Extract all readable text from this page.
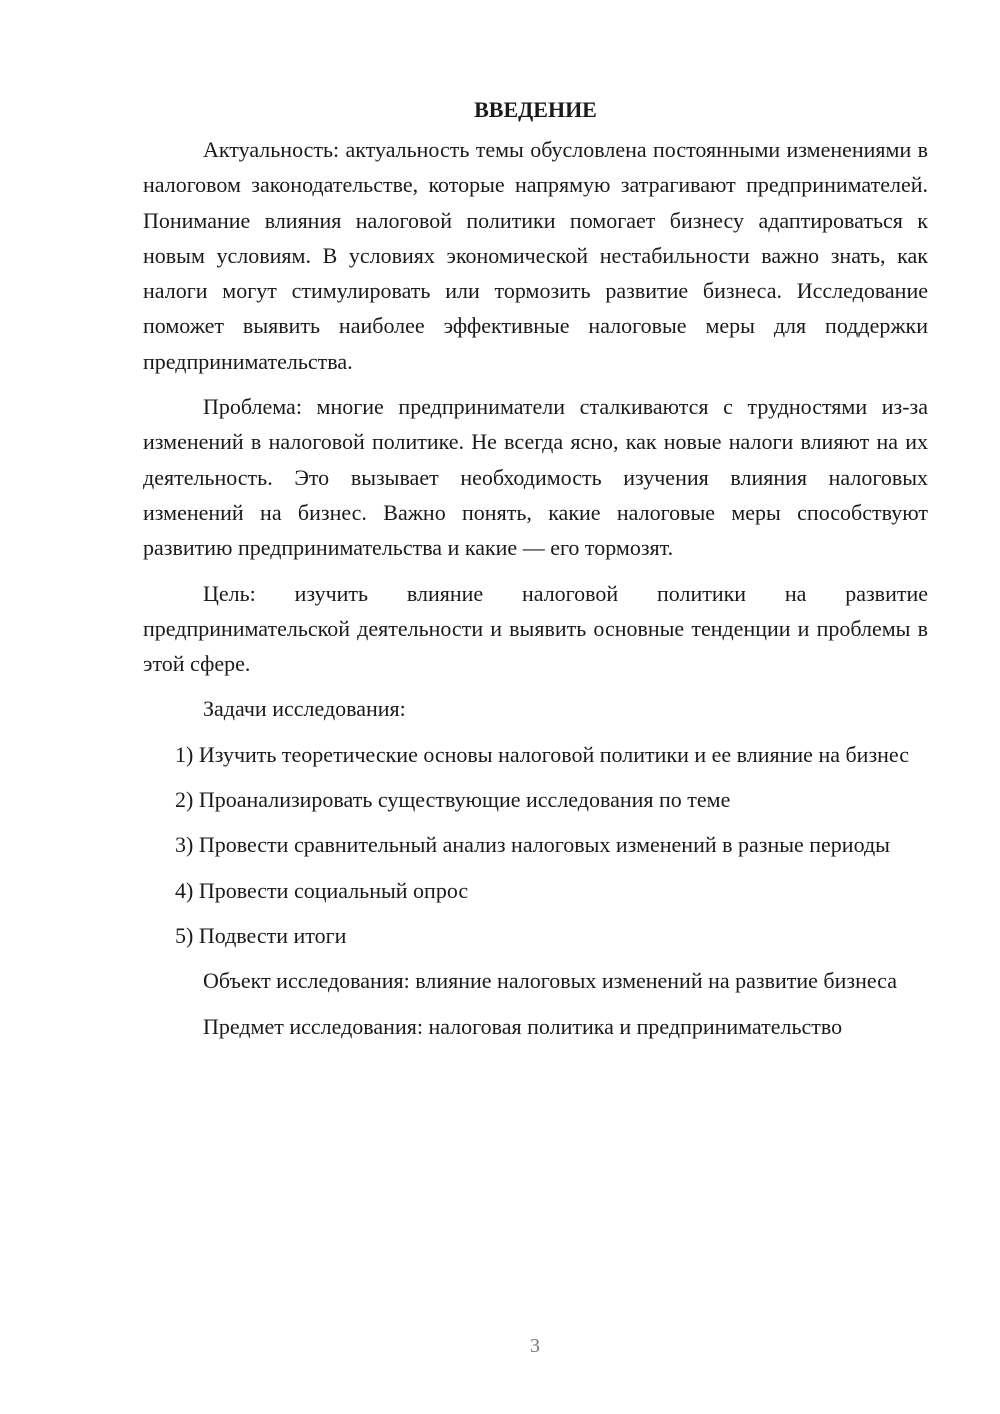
ВВЕДЕНИЕ

Актуальность: актуальность темы обусловлена постоянными изменениями в налоговом законодательстве, которые напрямую затрагивают предпринимателей. Понимание влияния налоговой политики помогает бизнесу адаптироваться к новым условиям. В условиях экономической нестабильности важно знать, как налоги могут стимулировать или тормозить развитие бизнеса. Исследование поможет выявить наиболее эффективные налоговые меры для поддержки предпринимательства.

Проблема: многие предприниматели сталкиваются с трудностями из-за изменений в налоговой политике. Не всегда ясно, как новые налоги влияют на их деятельность. Это вызывает необходимость изучения влияния налоговых изменений на бизнес. Важно понять, какие налоговые меры способствуют развитию предпринимательства и какие — его тормозят.

Цель: изучить влияние налоговой политики на развитие предпринимательской деятельности и выявить основные тенденции и проблемы в этой сфере.

Задачи исследования:

1) Изучить теоретические основы налоговой политики и ее влияние на бизнес

2) Проанализировать существующие исследования по теме

3) Провести сравнительный анализ налоговых изменений в разные периоды

4) Провести социальный опрос

5) Подвести итоги

Объект исследования: влияние налоговых изменений на развитие бизнеса

Предмет исследования: налоговая политика и предпринимательство

3
